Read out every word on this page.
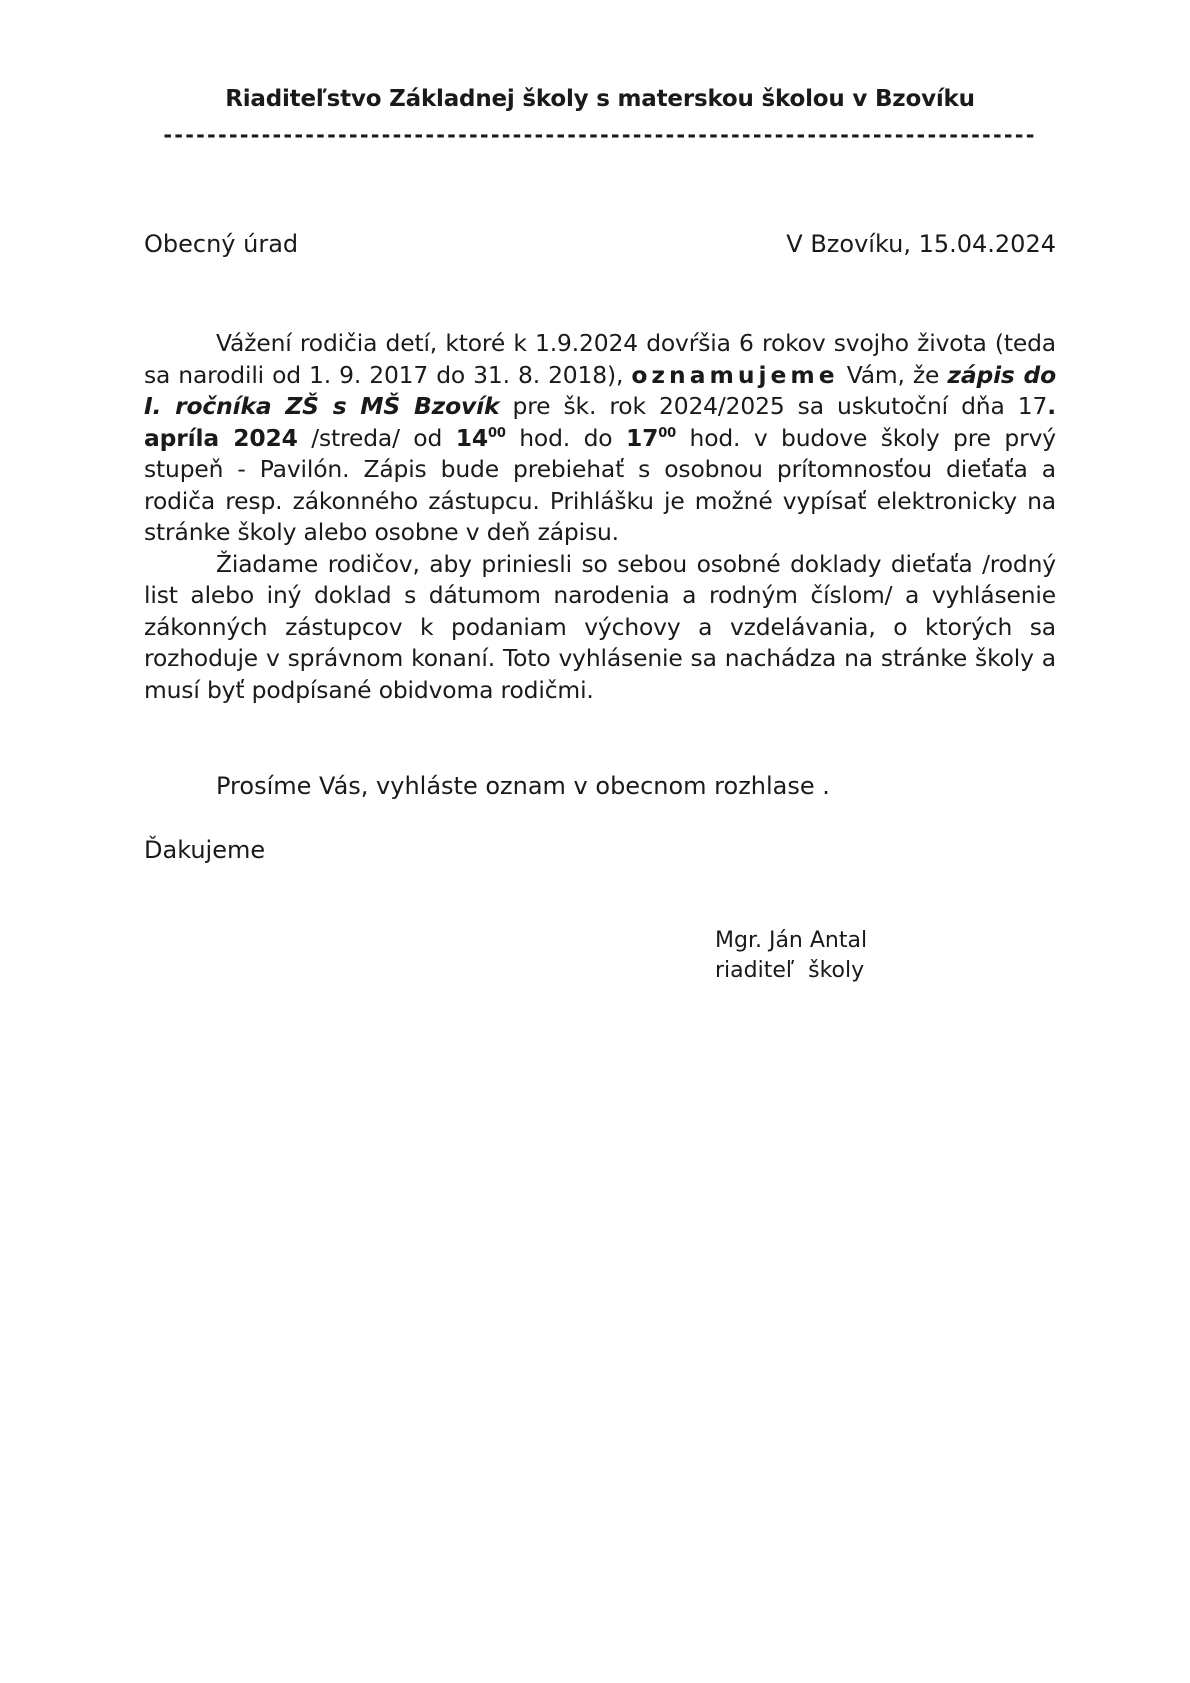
Riaditeľstvo Základnej školy s materskou školou v Bzovíku
--------------------------------------------------------------------------------
Obecný úrad	V Bzovíku, 15.04.2024

Vážení rodičia detí, ktoré k 1.9.2024 dovŕšia 6 rokov svojho života (teda sa narodili od 1. 9. 2017 do 31. 8. 2018), oznamujeme Vám, že zápis do I. ročníka ZŠ s MŠ Bzovík pre šk. rok 2024/2025 sa uskutoční dňa 17. apríla 2024 /streda/ od $14^{00}$ hod. do $17^{00}$ hod. v budove školy pre prvý stupeň - Pavilón. Zápis bude prebiehať s osobnou prítomnosťou dieťaťa a rodiča resp. zákonného zástupcu. Prihlášku je možné vypísať elektronicky na stránke školy alebo osobne v deň zápisu.

Žiadame rodičov, aby priniesli so sebou osobné doklady dieťaťa /rodný list alebo iný doklad s dátumom narodenia a rodným číslom/ a vyhlásenie zákonných zástupcov k podaniam výchovy a vzdelávania, o ktorých sa rozhoduje v správnom konaní. Toto vyhlásenie sa nachádza na stránke školy a musí byť podpísané obidvoma rodičmi.

Prosíme Vás, vyhláste oznam v obecnom rozhlase .
Ďakujeme
Mgr. Ján Antal
riaditeľ  školy
